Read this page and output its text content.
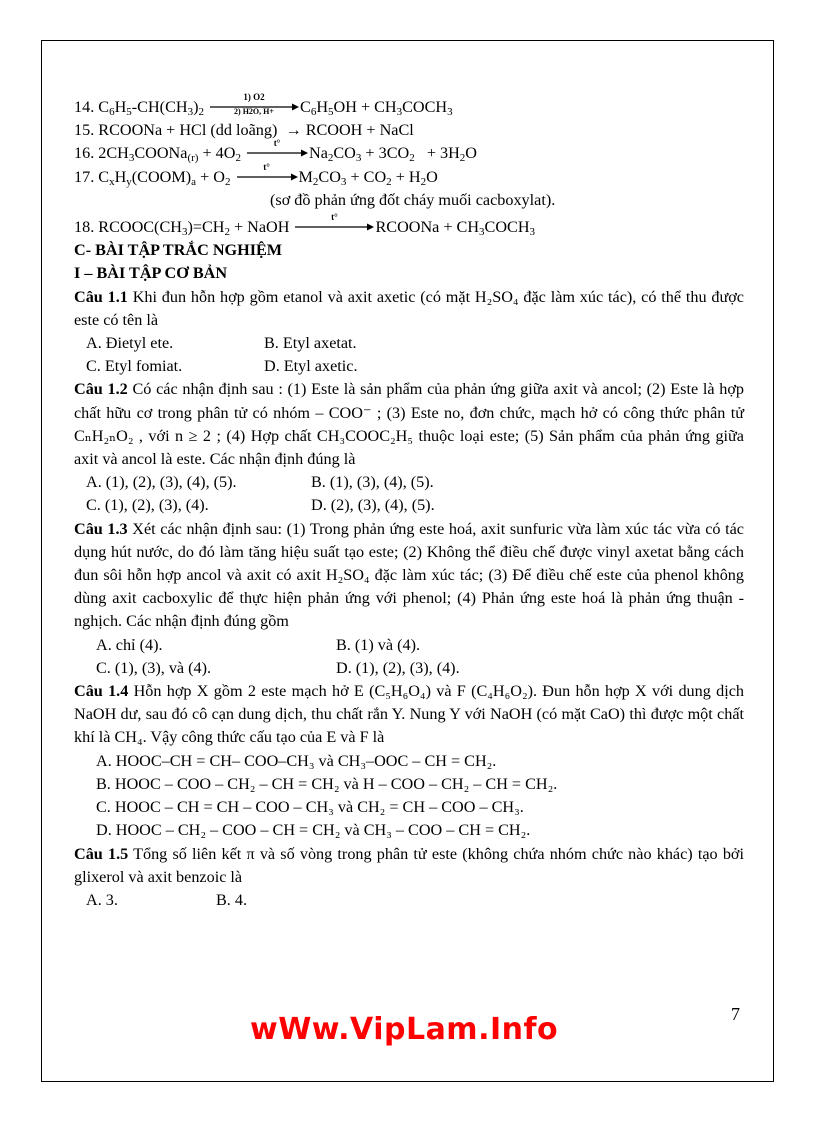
14. $C_6H_5-CH(CH_3)_2$
1) O2
2) H2O, H+	$C_6H_5OH$ + $CH_3COCH_3$
15. RCOONa + HCl (dd loãng)  → RCOOH + NaCl
16. $2CH_3COONa_{(r)} + 4O_2$
t°
$Na_2CO_3 + 3CO_2 + 3H_2O$
17. $C_xH_y(COOM)_a + O_2$
t°
$M_2CO_3 + CO_2 + H_2O$
(sơ đồ phản ứng đốt cháy muối cacboxylat).
18. $RCOOC(CH_3)=CH_2$ + NaOH
t°
RCOONa + $CH_3COCH_3$
C- BÀI TẬP TRẮC NGHIỆM
I – BÀI TẬP CƠ BẢN
Câu 1.1 Khi đun hỗn hợp gồm etanol và axit axetic (có mặt H₂SO₄ đặc làm xúc tác), có thể thu được este có tên là
A. Đietyl ete.	B. Etyl axetat.
C. Etyl fomiat.	D. Etyl axetic.
Câu 1.2 Có các nhận định sau : (1) Este là sản phẩm của phản ứng giữa axit và ancol; (2) Este là hợp chất hữu cơ trong phân tử có nhóm – COO⁻ ; (3) Este no, đơn chức, mạch hở có công thức phân tử CₙH₂ₙO₂ , với n ≥ 2 ; (4) Hợp chất CH₃COOC₂H₅ thuộc loại este; (5) Sản phẩm của phản ứng giữa axit và ancol là este. Các nhận định đúng là
A. (1), (2), (3), (4), (5).	B. (1), (3), (4), (5).
C. (1), (2), (3), (4).	D. (2), (3), (4), (5).
Câu 1.3 Xét các nhận định sau: (1) Trong phản ứng este hoá, axit sunfuric vừa làm xúc tác vừa có tác dụng hút nước, do đó làm tăng hiệu suất tạo este; (2) Không thể điều chế được vinyl axetat bằng cách đun sôi hỗn hợp ancol và axit có axit H₂SO₄ đặc làm xúc tác; (3) Để điều chế este của phenol không dùng axit cacboxylic để thực hiện phản ứng với phenol; (4) Phản ứng este hoá là phản ứng thuận - nghịch. Các nhận định đúng gồm
A. chỉ (4).	B. (1) và (4).
C. (1), (3), và (4).	D. (1), (2), (3), (4).
Câu 1.4 Hỗn hợp X gồm 2 este mạch hở E (C₅H₆O₄) và F (C₄H₆O₂). Đun hỗn hợp X với dung dịch NaOH dư, sau đó cô cạn dung dịch, thu chất rắn Y. Nung Y với NaOH (có mặt CaO) thì được một chất khí là CH₄. Vậy công thức cấu tạo của E và F là
A. HOOC–CH = CH– COO–CH₃ và CH₃–OOC – CH = CH₂.
B. HOOC – COO – CH₂ – CH = CH₂ và H – COO – CH₂ – CH = CH₂.
C. HOOC – CH = CH – COO – CH₃ và CH₂ = CH – COO – CH₃.
D. HOOC – CH₂ – COO – CH = CH₂ và CH₃ – COO – CH = CH₂.
Câu 1.5 Tổng số liên kết π và số vòng trong phân tử este (không chứa nhóm chức nào khác) tạo bởi glixerol và axit benzoic là
A. 3.	B. 4.
7
wWw.VipLam.Info
